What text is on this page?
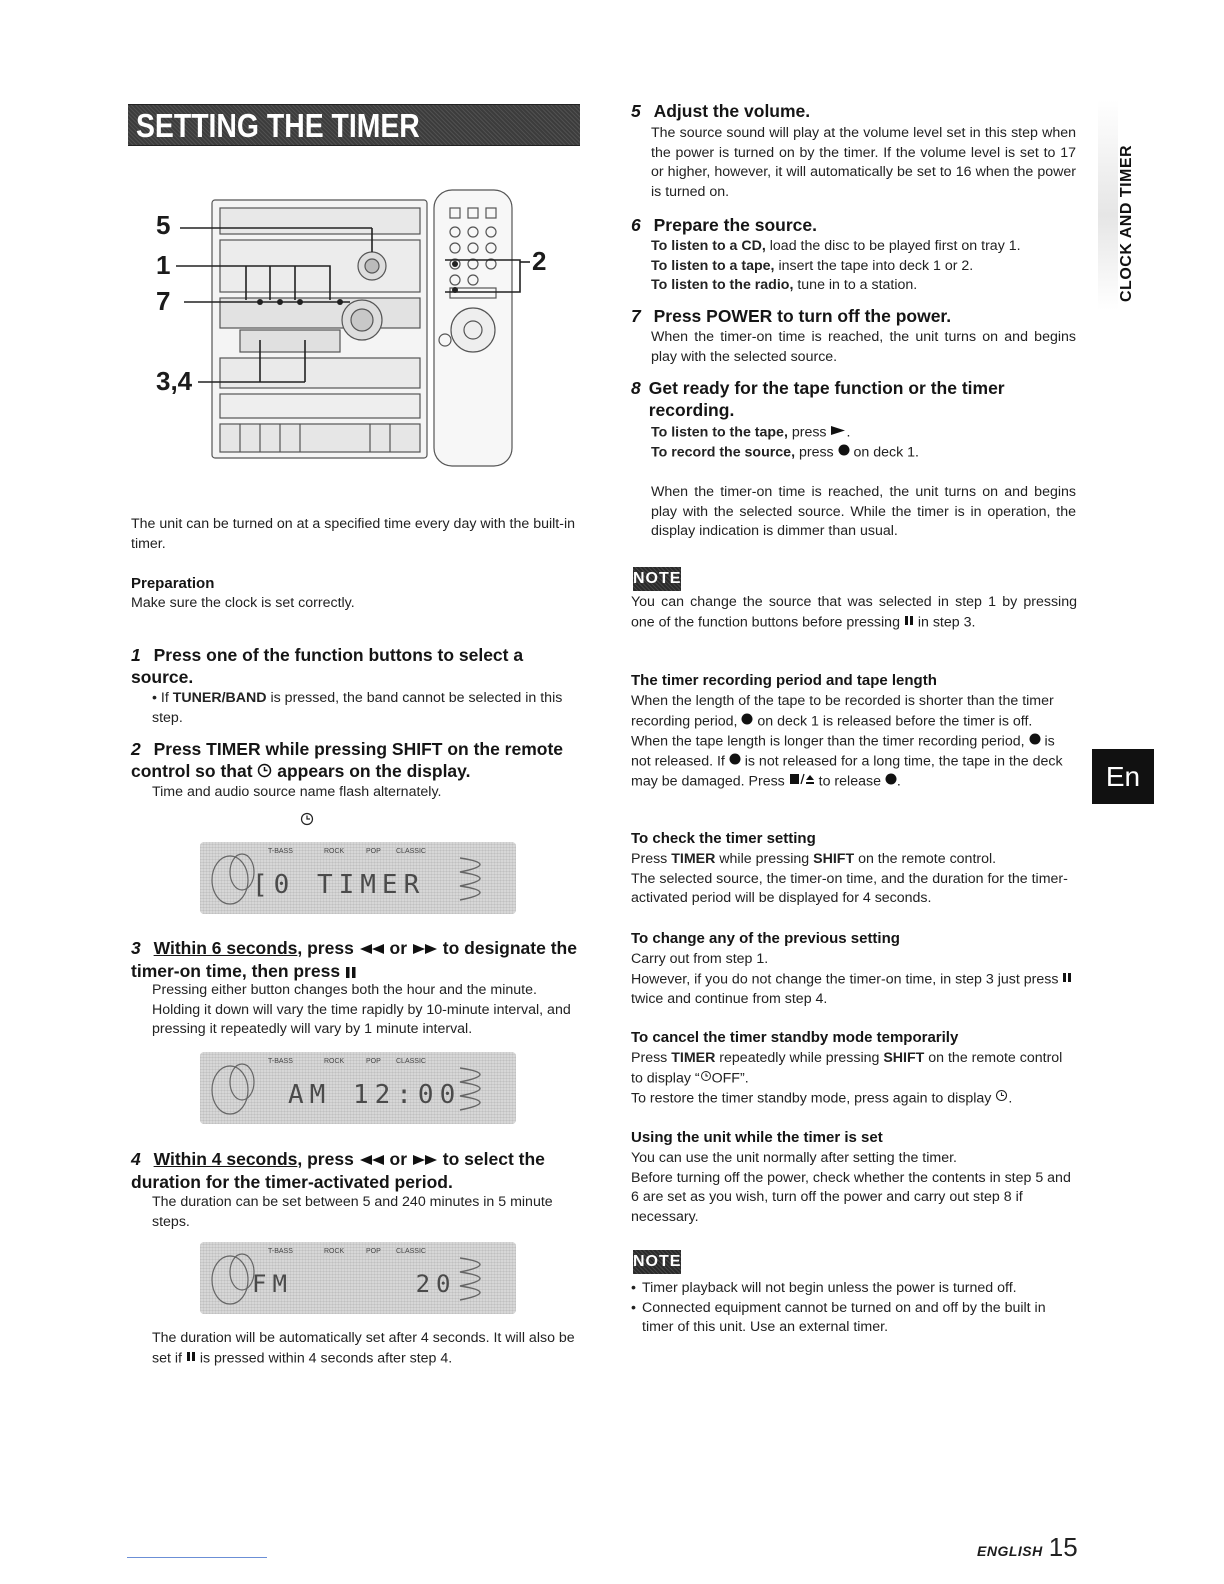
SETTING THE TIMER
5
1
7
3,4
2
The unit can be turned on at a specified time every day with the built-in timer.
Preparation
Make sure the clock is set correctly.
1 Press one of the function buttons to select a source.
• If TUNER/BAND is pressed, the band cannot be selected in this step.
2 Press TIMER while pressing SHIFT on the remote control so that  appears on the display.
Time and audio source name flash alternately.
T-BASS	ROCK	POP CLASSIC
[0 TIMER
3 Within 6 seconds, press  or  to designate the timer-on time, then press
Pressing either button changes both the hour and the minute. Holding it down will vary the time rapidly by 10-minute interval, and pressing it repeatedly will vary by 1 minute interval.
T-BASS	ROCK	POP CLASSIC
AM 12:00
4 Within 4 seconds, press  or  to select the duration for the timer-activated period.
The duration can be set between 5 and 240 minutes in 5 minute steps.
T-BASS	ROCK	POP CLASSIC
FM      20
The duration will be automatically set after 4 seconds. It will also be set if  is pressed within 4 seconds after step 4.
5 Adjust the volume.
The source sound will play at the volume level set in this step when the power is turned on by the timer. If the volume level is set to 17 or higher, however, it will automatically be set to 16 when the power is turned on.
6 Prepare the source.
To listen to a CD, load the disc to be played first on tray 1.
To listen to a tape, insert the tape into deck 1 or 2.
To listen to the radio, tune in to a station.
7 Press POWER to turn off the power.
When the timer-on time is reached, the unit turns on and begins play with the selected source.
8 Get ready for the tape function or the timer recording.
To listen to the tape, press .
To record the source, press  on deck 1.
When the timer-on time is reached, the unit turns on and begins play with the selected source. While the timer is in operation, the display indication is dimmer than usual.
NOTE
You can change the source that was selected in step 1 by pressing one of the function buttons before pressing  in step 3.
The timer recording period and tape length
When the length of the tape to be recorded is shorter than the timer recording period,  on deck 1 is released before the timer is off.
When the tape length is longer than the timer recording period,  is not released. If  is not released for a long time, the tape in the deck may be damaged. Press  to release .
To check the timer setting
Press TIMER while pressing SHIFT on the remote control.
The selected source, the timer-on time, and the duration for the timer-activated period will be displayed for 4 seconds.
To change any of the previous setting
Carry out from step 1.
However, if you do not change the timer-on time, in step 3 just press  twice and continue from step 4.
To cancel the timer standby mode temporarily
Press TIMER repeatedly while pressing SHIFT on the remote control to display “ OFF”.
To restore the timer standby mode, press again to display .
Using the unit while the timer is set
You can use the unit normally after setting the timer.
Before turning off the power, check whether the contents in step 5 and 6 are set as you wish, turn off the power and carry out step 8 if necessary.
NOTE
• Timer playback will not begin unless the power is turned off.
• Connected equipment cannot be turned on and off by the built in timer of this unit. Use an external timer.
CLOCK AND TIMER
En
ENGLISH 15
